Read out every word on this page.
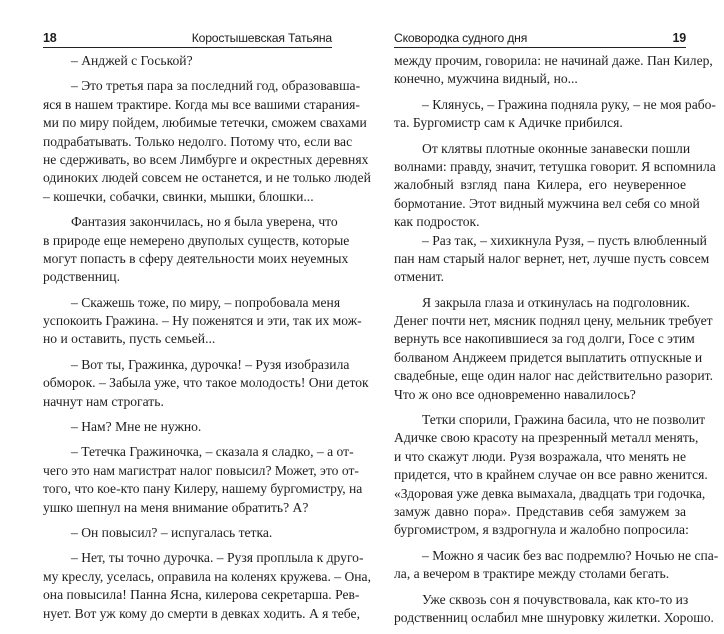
18	Коростышевская Татьяна
– Анджей с Госькой?
– Это третья пара за последний год, образовавша-
яся в нашем трактире. Когда мы все вашими старания-
ми по миру пойдем, любимые тетечки, сможем свахами
подрабатывать. Только недолго. Потому что, если вас
не сдерживать, во всем Лимбурге и окрестных деревнях
одиноких людей совсем не останется, и не только людей
– кошечки, собачки, свинки, мышки, блошки...
Фантазия закончилась, но я была уверена, что
в природе еще немерено двуполых существ, которые
могут попасть в сферу деятельности моих неуемных
родственниц.
– Скажешь тоже, по миру, – попробовала меня
успокоить Гражина. – Ну поженятся и эти, так их мож-
но и оставить, пусть семьей...
– Вот ты, Гражинка, дурочка! – Рузя изобразила
обморок. – Забыла уже, что такое молодость! Они деток
начнут нам строгать.
– Нам? Мне не нужно.
– Тетечка Гражиночка, – сказала я сладко, – а от-
чего это нам магистрат налог повысил? Может, это от-
того, что кое-кто пану Килеру, нашему бургомистру, на
ушко шепнул на меня внимание обратить? А?
– Он повысил? – испугалась тетка.
– Нет, ты точно дурочка. – Рузя проплыла к друго-
му креслу, уселась, оправила на коленях кружева. – Она,
она повысила! Панна Ясна, килерова секретарша. Рев-
нует. Вот уж кому до смерти в девках ходить. А я тебе,
Сковородка судного дня	19
между прочим, говорила: не начинай даже. Пан Килер,
конечно, мужчина видный, но...
– Клянусь, – Гражина подняла руку, – не моя рабо-
та. Бургомистр сам к Адичке прибился.
От клятвы плотные оконные занавески пошли
волнами: правду, значит, тетушка говорит. Я вспомнила
жалобный взгляд пана Килера, его неуверенное
бормотание. Этот видный мужчина вел себя со мной
как подросток.
– Раз так, – хихикнула Рузя, – пусть влюбленный
пан нам старый налог вернет, нет, лучше пусть совсем
отменит.
Я закрыла глаза и откинулась на подголовник.
Денег почти нет, мясник поднял цену, мельник требует
вернуть все накопившиеся за год долги, Госе с этим
болваном Анджеем придется выплатить отпускные и
свадебные, еще один налог нас действительно разорит.
Что ж оно все одновременно навалилось?
Тетки спорили, Гражина басила, что не позволит
Адичке свою красоту на презренный металл менять,
и что скажут люди. Рузя возражала, что менять не
придется, что в крайнем случае он все равно женится.
«Здоровая уже девка вымахала, двадцать три годочка,
замуж давно пора». Представив себя замужем за
бургомистром, я вздрогнула и жалобно попросила:
– Можно я часик без вас подремлю? Ночью не спа-
ла, а вечером в трактире между столами бегать.
Уже сквозь сон я почувствовала, как кто-то из
родственниц ослабил мне шнуровку жилетки. Хорошо.
